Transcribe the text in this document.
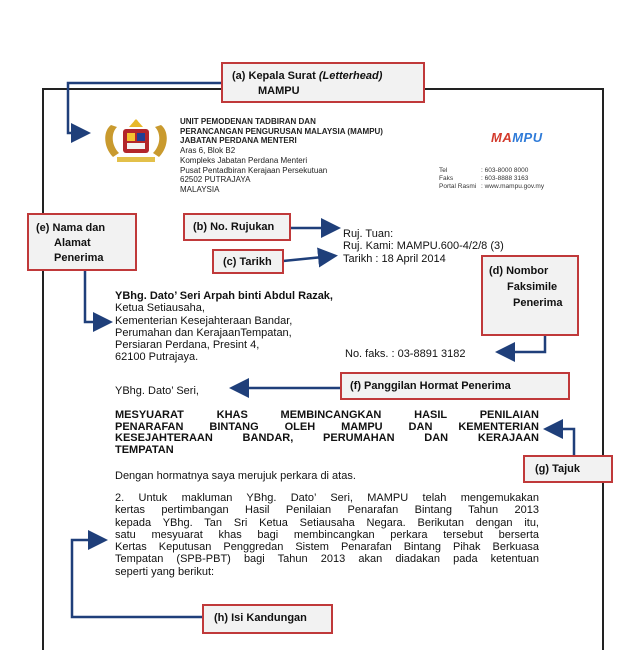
UNIT PEMODENAN TADBIRAN DAN
PERANCANGAN PENGURUSAN MALAYSIA (MAMPU)
JABATAN PERDANA MENTERI
Aras 6, Blok B2
Kompleks Jabatan Perdana Menteri
Pusat Pentadbiran Kerajaan Persekutuan
62502 PUTRAJAYA
MALAYSIA
MAMPU
Tel	: 603-8000 8000
Faks	: 603-8888 3163
Portal Rasmi : www.mampu.gov.my
Ruj. Tuan:
Ruj. Kami: MAMPU.600-4/2/8 (3)
Tarikh : 18 April 2014
YBhg. Dato’ Seri Arpah binti Abdul Razak,
Ketua Setiausaha,
Kementerian Kesejahteraan Bandar,
Perumahan dan KerajaanTempatan,
Persiaran Perdana, Presint 4,
62100 Putrajaya.	No. faks. : 03-8891 3182
YBhg. Dato’ Seri,
MESYUARAT KHAS MEMBINCANGKAN HASIL PENILAIAN
PENARAFAN BINTANG OLEH MAMPU DAN KEMENTERIAN
KESEJAHTERAAN BANDAR, PERUMAHAN DAN KERAJAAN
TEMPATAN
Dengan hormatnya saya merujuk perkara di atas.
2. Untuk makluman YBhg. Dato’ Seri, MAMPU telah mengemukakan
kertas pertimbangan Hasil Penilaian Penarafan Bintang Tahun 2013
kepada YBhg. Tan Sri Ketua Setiausaha Negara. Berikutan dengan itu,
satu mesyuarat khas bagi membincangkan perkara tersebut berserta
Kertas Keputusan Penggredan Sistem Penarafan Bintang Pihak Berkuasa
Tempatan (SPB-PBT) bagi Tahun 2013 akan diadakan pada ketentuan
seperti yang berikut:
(a) Kepala Surat (Letterhead)
MAMPU
(b) No. Rujukan
(c) Tarikh
(d) Nombor
Faksimile
Penerima
(e) Nama dan
Alamat
Penerima
(f) Panggilan Hormat Penerima
(g) Tajuk
(h) Isi Kandungan
